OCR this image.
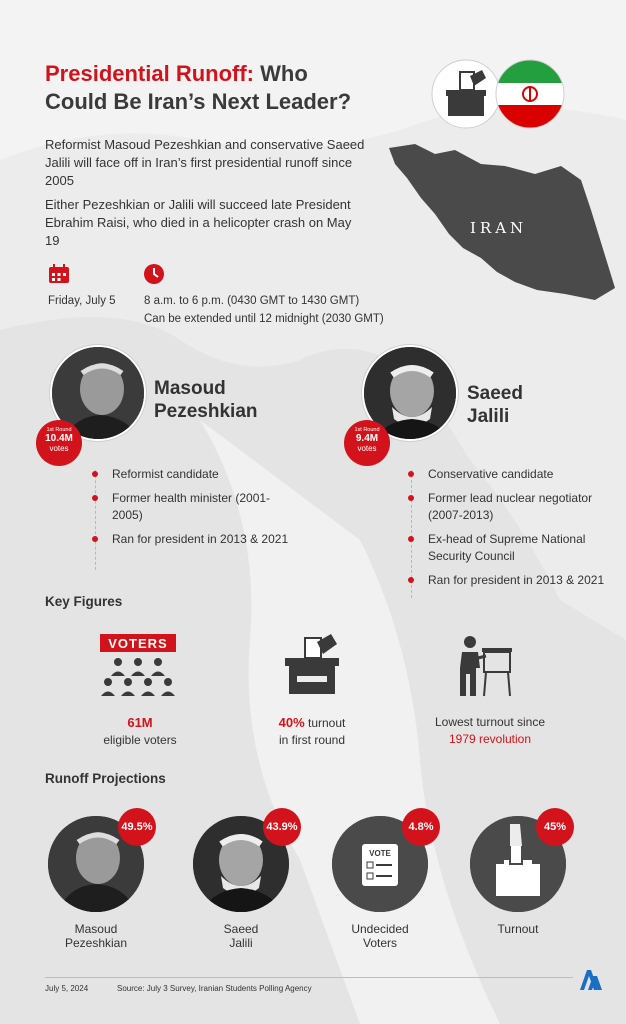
Presidential Runoff: Who
Could Be Iran’s Next Leader?
Reformist Masoud Pezeshkian and conservative Saeed Jalili will face off in Iran’s first presidential runoff since 2005
Either Pezeshkian or Jalili will succeed late President Ebrahim Raisi, who died in a helicopter crash on May 19
IRAN
Friday, July 5 8 a.m. to 6 p.m. (0430 GMT to 1430 GMT)
Can be extended until 12 midnight (2030 GMT)
1st Round
10.4M
votes
Masoud
Pezeshkian
Reformist candidate
Former health minister (2001-2005)
Ran for president in 2013 & 2021
1st Round
9.4M
votes
Saeed
Jalili
Conservative candidate
Former lead nuclear negotiator (2007-2013)
Ex-head of Supreme National Security Council
Ran for president in 2013 & 2021
Key Figures
VOTERS
61M
eligible voters
40% turnout
in first round
Lowest turnout since
1979 revolution
Runoff Projections
49.5%
Masoud
Pezeshkian
43.9%
Saeed
Jalili
VOTE
4.8%
Undecided
Voters
45%
Turnout
July 5, 2024	Source: July 3 Survey, Iranian Students Polling Agency
